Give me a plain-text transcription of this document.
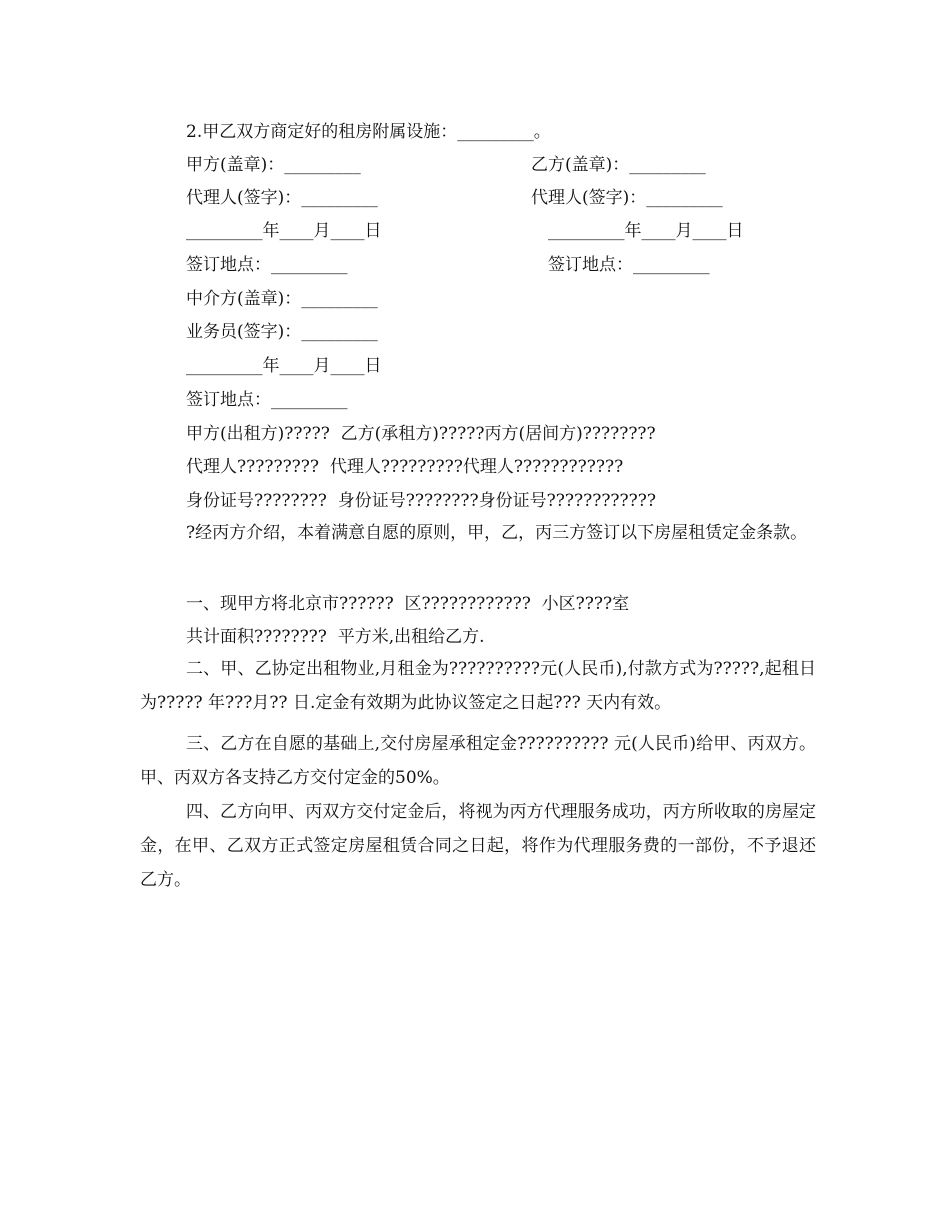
2.甲乙双方商定好的租房附属设施：_________。
甲方(盖章)：_________	乙方(盖章)：_________
代理人(签字)：_________	代理人(签字)：_________
_________年____月____日	_________年____月____日
签订地点：_________	签订地点：_________
中介方(盖章)：_________
业务员(签字)：_________
_________年____月____日
签订地点：_________
甲方(出租方)?????  乙方(承租方)?????丙方(居间方)????????
代理人?????????  代理人?????????代理人????????????
身份证号????????  身份证号????????身份证号????????????
?经丙方介绍，本着满意自愿的原则，甲，乙，丙三方签订以下房屋租赁定金条款。
一、现甲方将北京市??????  区????????????  小区????室
共计面积????????  平方米,出租给乙方.
二、甲、乙协定出租物业,月租金为??????????元(人民币),付款方式为?????,起租日为????? 年???月?? 日.定金有效期为此协议签定之日起??? 天内有效。
三、乙方在自愿的基础上,交付房屋承租定金?????????? 元(人民币)给甲、丙双方。甲、丙双方各支持乙方交付定金的50%。
四、乙方向甲、丙双方交付定金后，将视为丙方代理服务成功，丙方所收取的房屋定金，在甲、乙双方正式签定房屋租赁合同之日起，将作为代理服务费的一部份，不予退还乙方。
